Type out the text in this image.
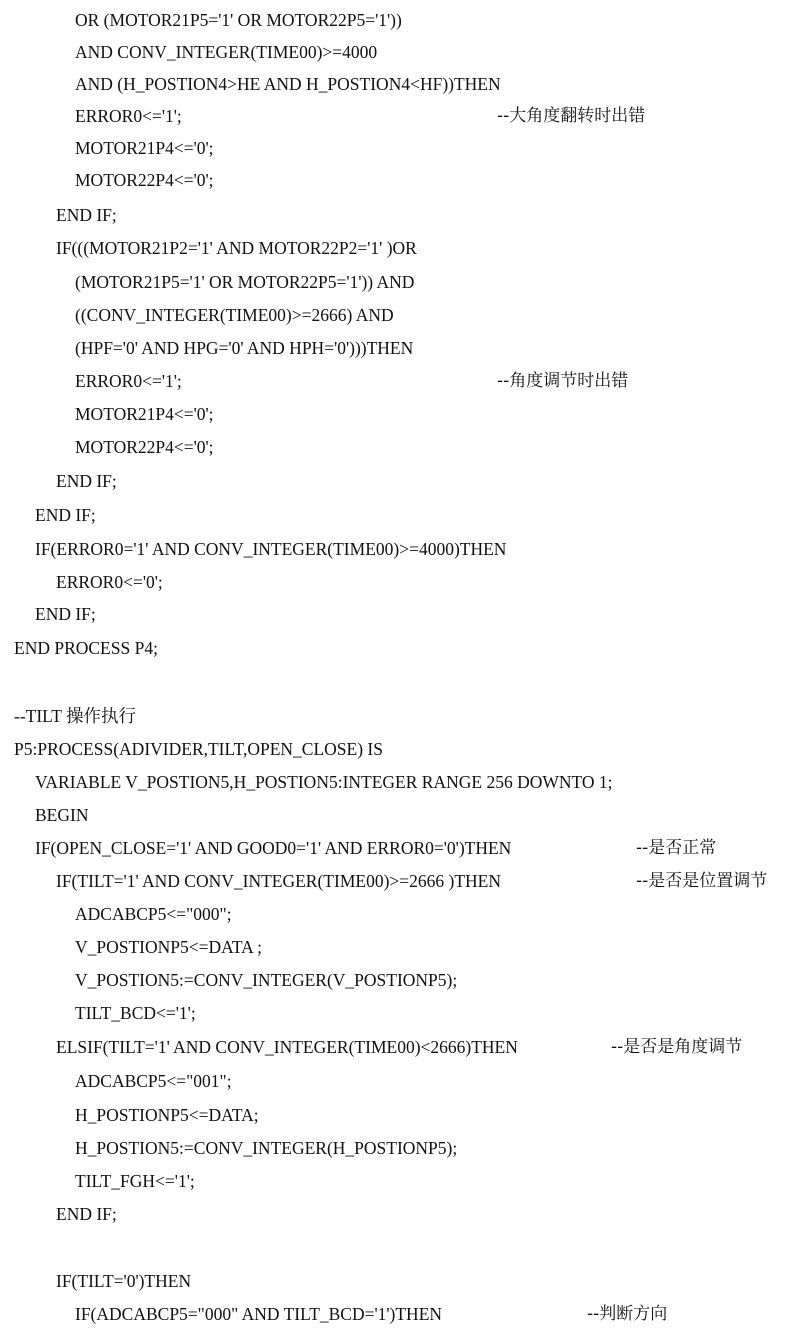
OR (MOTOR21P5='1' OR MOTOR22P5='1'))
AND CONV_INTEGER(TIME00)>=4000
AND (H_POSTION4>HE AND H_POSTION4<HF))THEN
ERROR0<='1';	--大角度翻转时出错
MOTOR21P4<='0';
MOTOR22P4<='0';
END IF;
IF(((MOTOR21P2='1' AND MOTOR22P2='1' )OR
(MOTOR21P5='1' OR MOTOR22P5='1')) AND
((CONV_INTEGER(TIME00)>=2666) AND
(HPF='0' AND HPG='0' AND HPH='0')))THEN
ERROR0<='1';	--角度调节时出错
MOTOR21P4<='0';
MOTOR22P4<='0';
END IF;
END IF;
IF(ERROR0='1' AND CONV_INTEGER(TIME00)>=4000)THEN
ERROR0<='0';
END IF;
END PROCESS P4;
--TILT 操作执行
P5:PROCESS(ADIVIDER,TILT,OPEN_CLOSE) IS
VARIABLE V_POSTION5,H_POSTION5:INTEGER RANGE 256 DOWNTO 1;
BEGIN
IF(OPEN_CLOSE='1' AND GOOD0='1' AND ERROR0='0')THEN	--是否正常
IF(TILT='1' AND CONV_INTEGER(TIME00)>=2666 )THEN	--是否是位置调节
ADCABCP5<="000";
V_POSTIONP5<=DATA ;
V_POSTION5:=CONV_INTEGER(V_POSTIONP5);
TILT_BCD<='1';
ELSIF(TILT='1' AND CONV_INTEGER(TIME00)<2666)THEN	--是否是角度调节
ADCABCP5<="001";
H_POSTIONP5<=DATA;
H_POSTION5:=CONV_INTEGER(H_POSTIONP5);
TILT_FGH<='1';
END IF;
IF(TILT='0')THEN
IF(ADCABCP5="000" AND TILT_BCD='1')THEN	--判断方向
